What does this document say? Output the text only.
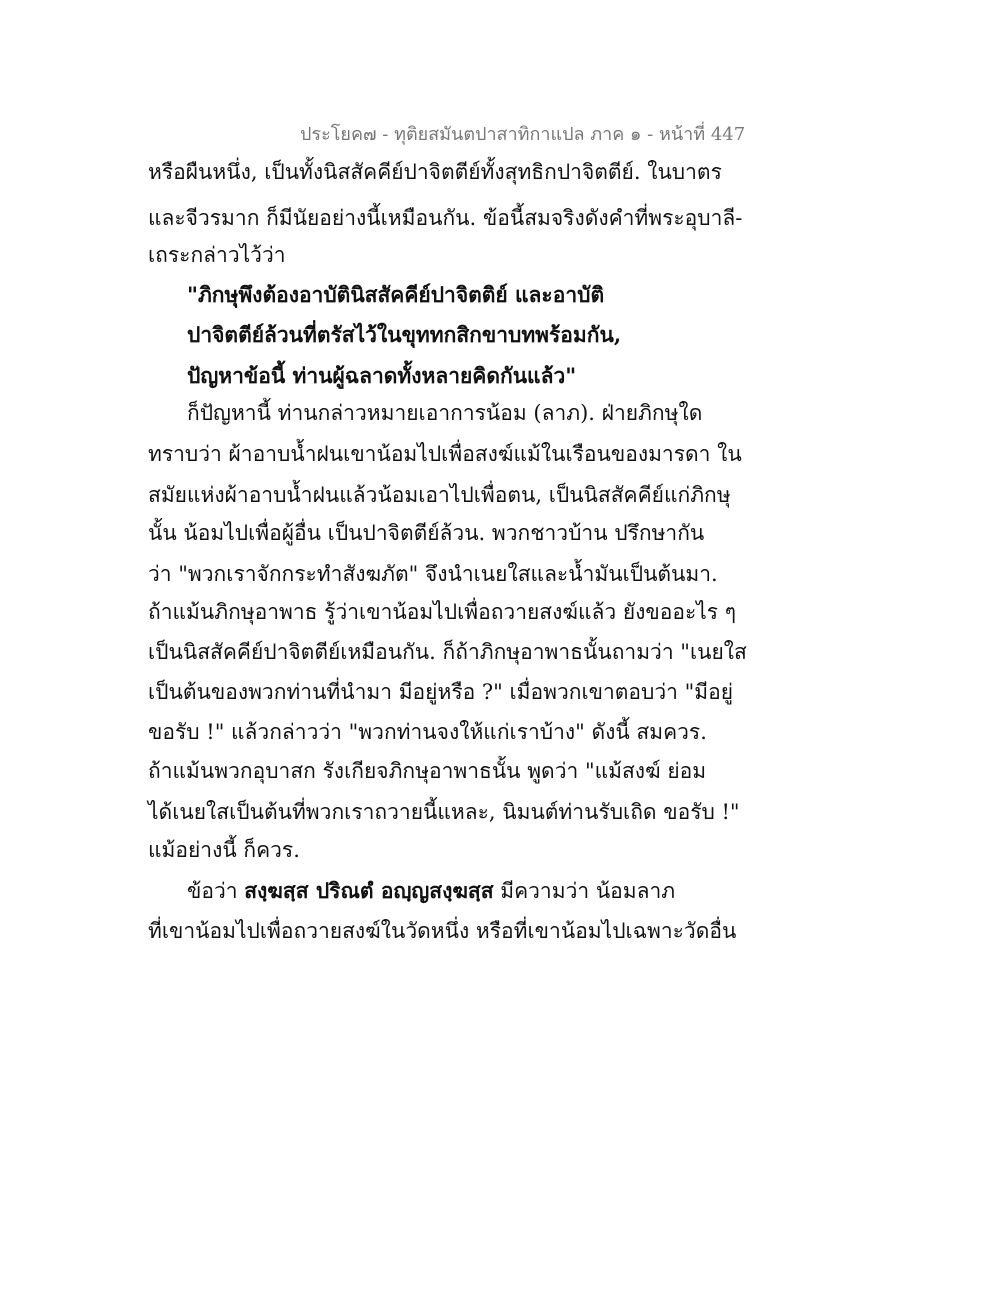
ประโยค๗ - ทุติยสมันตปาสาทิกาแปล ภาค ๑ - หน้าที่ 447
หรือผืนหนึ่ง, เป็นทั้งนิสสัคคีย์ปาจิตตีย์ทั้งสุทธิกปาจิตตีย์. ในบาตร
และจีวรมาก ก็มีนัยอย่างนี้เหมือนกัน. ข้อนี้สมจริงดังคำที่พระอุบาลี-
เถระกล่าวไว้ว่า
"ภิกษุพึงต้องอาบัตินิสสัคคีย์ปาจิตติย์ และอาบัติ
ปาจิตตีย์ล้วนที่ตรัสไว้ในขุททกสิกขาบทพร้อมกัน,
ปัญหาข้อนี้ ท่านผู้ฉลาดทั้งหลายคิดกันแล้ว"
ก็ปัญหานี้ ท่านกล่าวหมายเอาการน้อม (ลาภ). ฝ่ายภิกษุใด
ทราบว่า ผ้าอาบน้ำฝนเขาน้อมไปเพื่อสงฆ์แม้ในเรือนของมารดา ใน
สมัยแห่งผ้าอาบน้ำฝนแล้วน้อมเอาไปเพื่อตน, เป็นนิสสัคคีย์แก่ภิกษุ
นั้น น้อมไปเพื่อผู้อื่น เป็นปาจิตตีย์ล้วน. พวกชาวบ้าน ปรึกษากัน
ว่า "พวกเราจักกระทำสังฆภัต" จึงนำเนยใสและน้ำมันเป็นต้นมา.
ถ้าแม้นภิกษุอาพาธ รู้ว่าเขาน้อมไปเพื่อถวายสงฆ์แล้ว ยังขออะไร ๆ
เป็นนิสสัคคีย์ปาจิตตีย์เหมือนกัน. ก็ถ้าภิกษุอาพาธนั้นถามว่า "เนยใส
เป็นต้นของพวกท่านที่นำมา มีอยู่หรือ ?" เมื่อพวกเขาตอบว่า "มีอยู่
ขอรับ !" แล้วกล่าวว่า "พวกท่านจงให้แก่เราบ้าง" ดังนี้ สมควร.
ถ้าแม้นพวกอุบาสก รังเกียจภิกษุอาพาธนั้น พูดว่า "แม้สงฆ์ ย่อม
ได้เนยใสเป็นต้นที่พวกเราถวายนี้แหละ, นิมนต์ท่านรับเถิด ขอรับ !"
แม้อย่างนี้ ก็ควร.
ข้อว่า สงฺฆสฺส ปริณตํ อญฺญสงฺฆสฺส มีความว่า น้อมลาภ
ที่เขาน้อมไปเพื่อถวายสงฆ์ในวัดหนึ่ง หรือที่เขาน้อมไปเฉพาะวัดอื่น
